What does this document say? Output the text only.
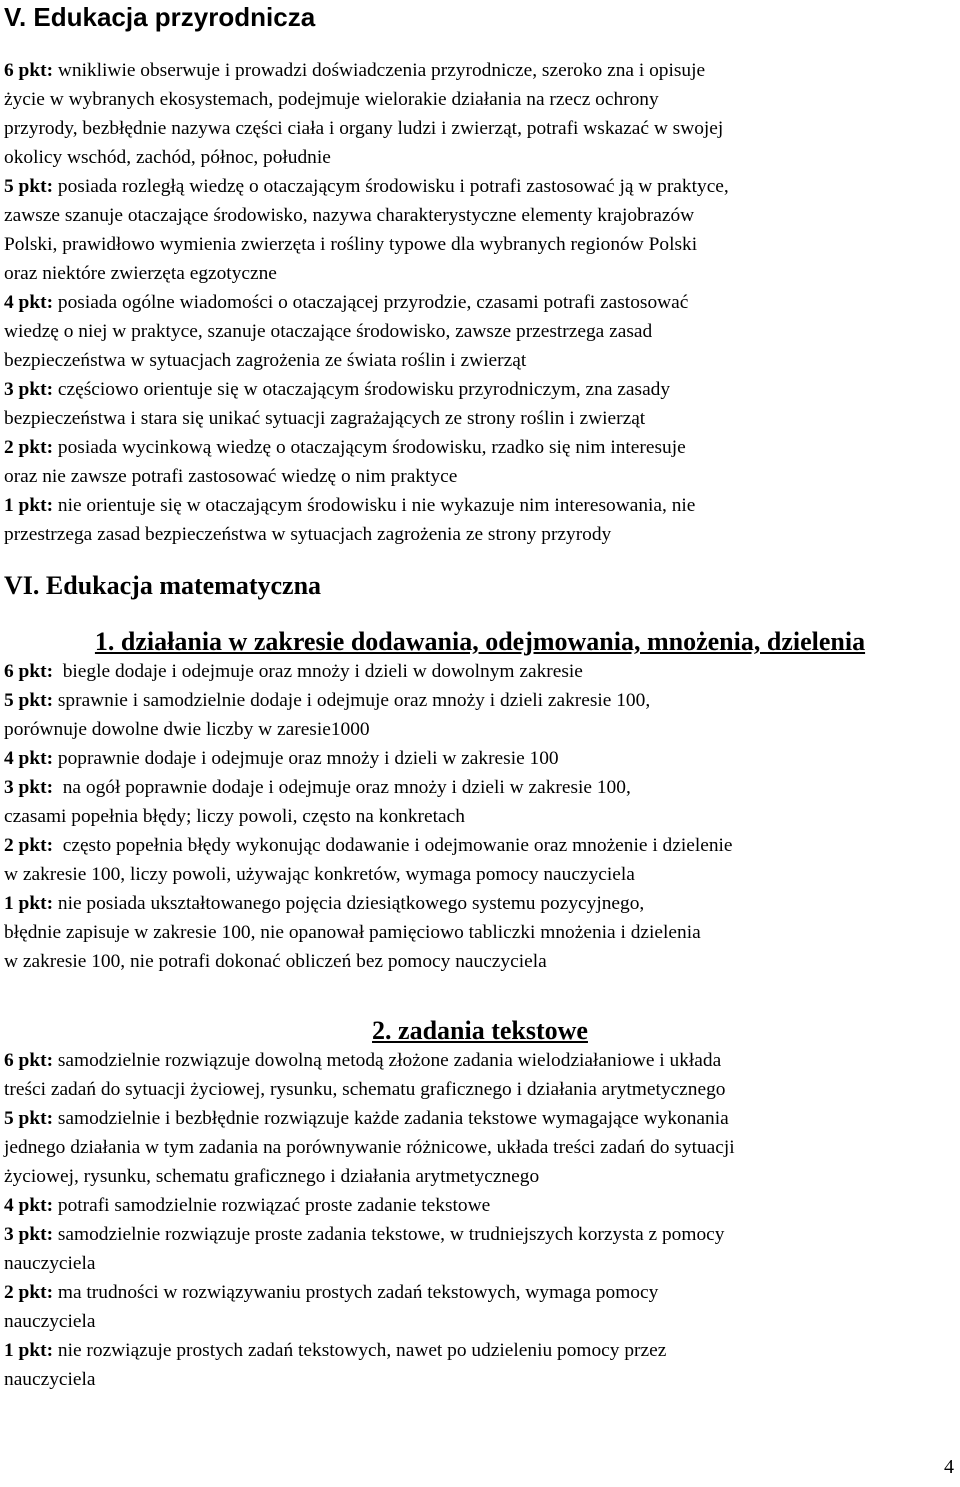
V. Edukacja przyrodnicza
6 pkt: wnikliwie obserwuje i prowadzi doświadczenia przyrodnicze, szeroko zna i opisuje
życie w wybranych ekosystemach, podejmuje wielorakie działania na rzecz ochrony
przyrody, bezbłędnie nazywa części ciała i organy ludzi i zwierząt, potrafi wskazać w swojej
okolicy wschód, zachód, północ, południe
5 pkt: posiada rozległą wiedzę o otaczającym środowisku i potrafi zastosować ją w praktyce,
zawsze szanuje otaczające środowisko, nazywa charakterystyczne elementy krajobrazów
Polski, prawidłowo wymienia zwierzęta i rośliny typowe dla wybranych regionów Polski
oraz niektóre zwierzęta egzotyczne
4 pkt: posiada ogólne wiadomości o otaczającej przyrodzie, czasami potrafi zastosować
wiedzę o niej w praktyce, szanuje otaczające środowisko, zawsze przestrzega zasad
bezpieczeństwa w sytuacjach zagrożenia ze świata roślin i zwierząt
3 pkt: częściowo orientuje się w otaczającym środowisku przyrodniczym, zna zasady
bezpieczeństwa i stara się unikać sytuacji zagrażających ze strony roślin i zwierząt
2 pkt: posiada wycinkową wiedzę o otaczającym środowisku, rzadko się nim interesuje
oraz nie zawsze potrafi zastosować wiedzę o nim praktyce
1 pkt: nie orientuje się w otaczającym środowisku i nie wykazuje nim interesowania, nie
przestrzega zasad bezpieczeństwa w sytuacjach zagrożenia ze strony przyrody
VI. Edukacja matematyczna
1. działania w zakresie dodawania, odejmowania, mnożenia, dzielenia
6 pkt:  biegle dodaje i odejmuje oraz mnoży i dzieli w dowolnym zakresie
5 pkt: sprawnie i samodzielnie dodaje i odejmuje oraz mnoży i dzieli zakresie 100,
porównuje dowolne dwie liczby w zaresie1000
4 pkt: poprawnie dodaje i odejmuje oraz mnoży i dzieli w zakresie 100
3 pkt:  na ogół poprawnie dodaje i odejmuje oraz mnoży i dzieli w zakresie 100,
czasami popełnia błędy; liczy powoli, często na konkretach
2 pkt:  często popełnia błędy wykonując dodawanie i odejmowanie oraz mnożenie i dzielenie
w zakresie 100, liczy powoli, używając konkretów, wymaga pomocy nauczyciela
1 pkt: nie posiada ukształtowanego pojęcia dziesiątkowego systemu pozycyjnego,
błędnie zapisuje w zakresie 100, nie opanował pamięciowo tabliczki mnożenia i dzielenia
w zakresie 100, nie potrafi dokonać obliczeń bez pomocy nauczyciela
2. zadania tekstowe
6 pkt: samodzielnie rozwiązuje dowolną metodą złożone zadania wielodziałaniowe i układa
treści zadań do sytuacji życiowej, rysunku, schematu graficznego i działania arytmetycznego
5 pkt: samodzielnie i bezbłędnie rozwiązuje każde zadania tekstowe wymagające wykonania
jednego działania w tym zadania na porównywanie różnicowe, układa treści zadań do sytuacji
życiowej, rysunku, schematu graficznego i działania arytmetycznego
4 pkt: potrafi samodzielnie rozwiązać proste zadanie tekstowe
3 pkt: samodzielnie rozwiązuje proste zadania tekstowe, w trudniejszych korzysta z pomocy
nauczyciela
2 pkt: ma trudności w rozwiązywaniu prostych zadań tekstowych, wymaga pomocy
nauczyciela
1 pkt: nie rozwiązuje prostych zadań tekstowych, nawet po udzieleniu pomocy przez
nauczyciela
4
